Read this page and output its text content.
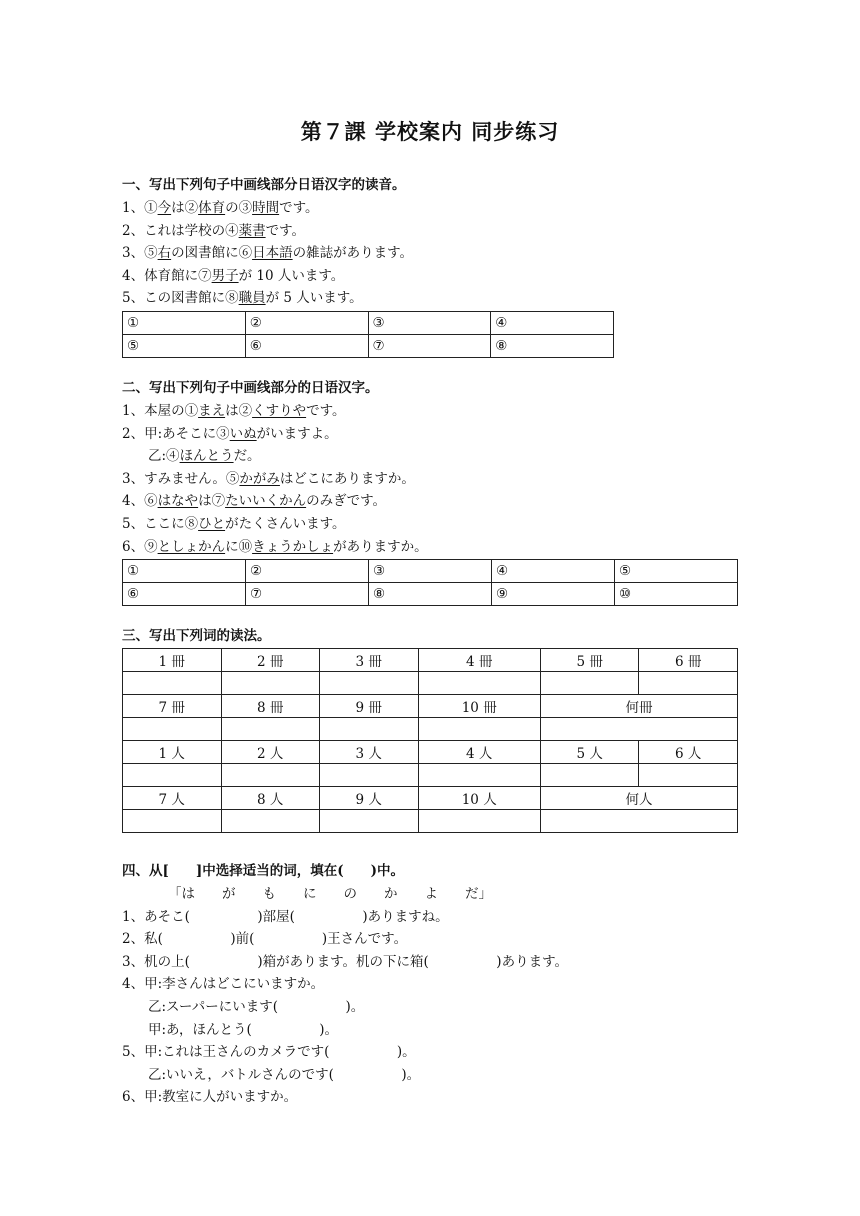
第７課 学校案内 同步练习
一、写出下列句子中画线部分日语汉字的读音。
1、①今は②体育の③時間です。
2、これは学校の④薬書です。
3、⑤右の図書館に⑥日本語の雑誌があります。
4、体育館に⑦男子が 10 人います。
5、この図書館に⑧職員が 5 人います。
①	②	③	④
⑤	⑥	⑦	⑧
二、写出下列句子中画线部分的日语汉字。
1、本屋の①まえは②くすりやです。
2、甲:あそこに③いぬがいますよ。
乙:④ほんとうだ。
3、すみません。⑤かがみはどこにありますか。
4、⑥はなやは⑦たいいくかんのみぎです。
5、ここに⑧ひとがたくさんいます。
6、⑨としょかんに⑩きょうかしょがありますか。
①	②	③	④	⑤
⑥	⑦	⑧	⑨	⑩
三、写出下列词的读法。
1 冊	2 冊	3 冊	4 冊	5 冊	6 冊

7 冊	8 冊	9 冊	10 冊	何冊	

1 人	2 人	3 人	4 人	5 人	6 人

7 人	8 人	9 人	10 人	何人	

四、从[　　]中选择适当的词，填在(　　)中。
「は　　が　　も　　に　　の　　か　　よ　　だ」
1、あそこ(　　　　　)部屋(　　　　　)ありますね。
2、私(　　　　　)前(　　　　　)王さんです。
3、机の上(　　　　　)箱があります。机の下に箱(　　　　　)あります。
4、甲:李さんはどこにいますか。
乙:スーパーにいます(　　　　　)。
甲:あ，ほんとう(　　　　　)。
5、甲:これは王さんのカメラです(　　　　　)。
乙:いいえ，バトルさんのです(　　　　　)。
6、甲:教室に人がいますか。
